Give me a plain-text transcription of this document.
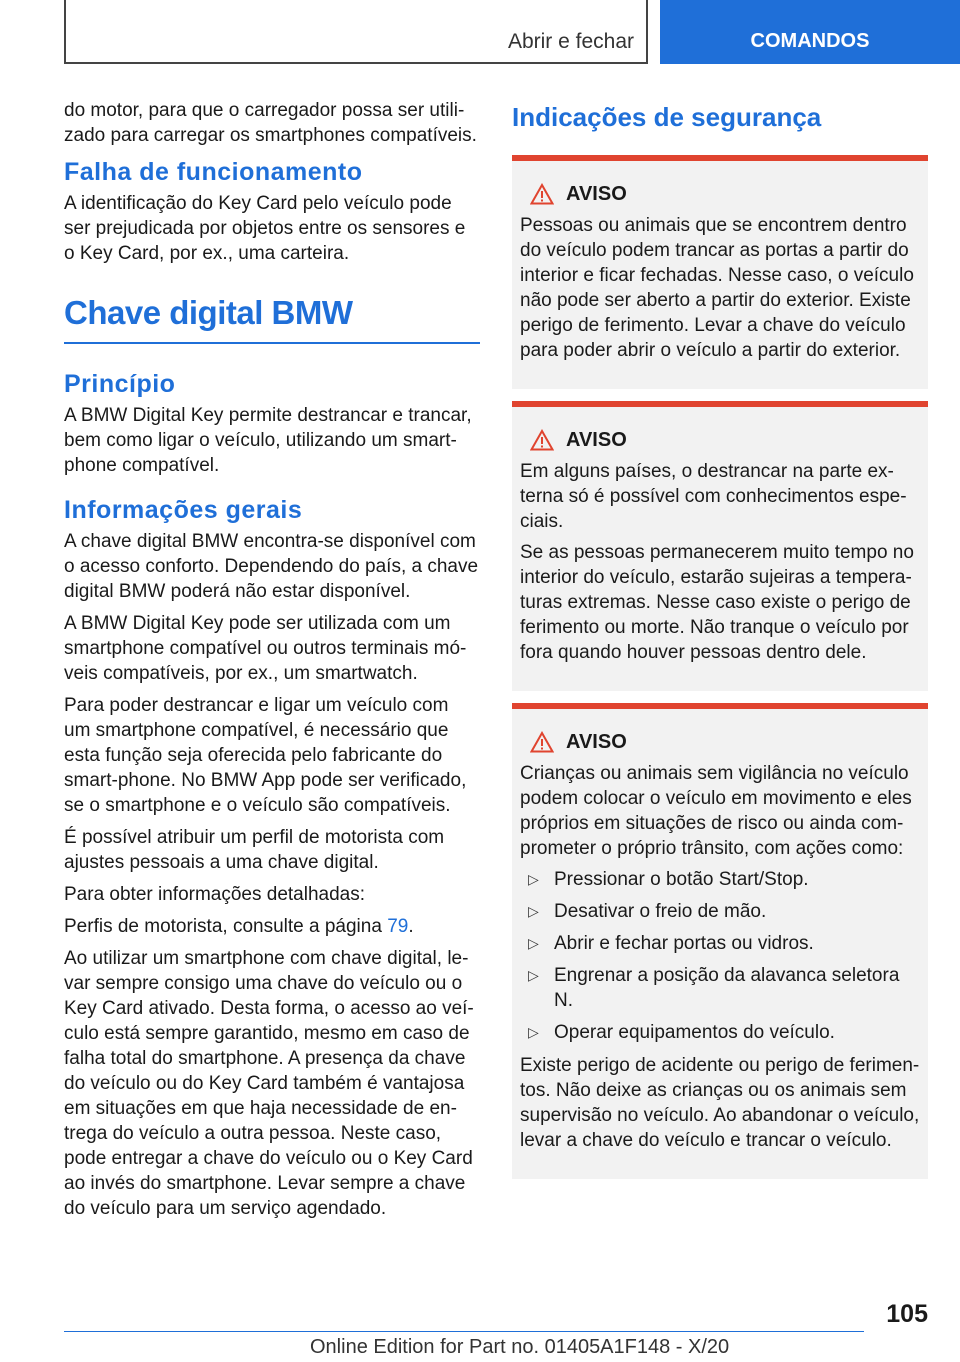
Abrir e fechar	COMANDOS

do motor, para que o carregador possa ser utili-zado para carregar os smartphones compatíveis.

Falha de funcionamento

A identificação do Key Card pelo veículo pode ser prejudicada por objetos entre os sensores e o Key Card, por ex., uma carteira.

Chave digital BMW
Princípio

A BMW Digital Key permite destrancar e trancar, bem como ligar o veículo, utilizando um smart-phone compatível.

Informações gerais

A chave digital BMW encontra-se disponível com o acesso conforto. Dependendo do país, a chave digital BMW poderá não estar disponível.

A BMW Digital Key pode ser utilizada com um smartphone compatível ou outros terminais mó-veis compatíveis, por ex., um smartwatch.

Para poder destrancar e ligar um veículo com um smartphone compatível, é necessário que esta função seja oferecida pelo fabricante do smart-phone. No BMW App pode ser verificado, se o smartphone e o veículo são compatíveis.

É possível atribuir um perfil de motorista com ajustes pessoais a uma chave digital.

Para obter informações detalhadas:

Perfis de motorista, consulte a página 79.

Ao utilizar um smartphone com chave digital, le-var sempre consigo uma chave do veículo ou o Key Card ativado. Desta forma, o acesso ao veí-culo está sempre garantido, mesmo em caso de falha total do smartphone. A presença da chave do veículo ou do Key Card também é vantajosa em situações em que haja necessidade de en-trega do veículo a outra pessoa. Neste caso, pode entregar a chave do veículo ou o Key Card ao invés do smartphone. Levar sempre a chave do veículo para um serviço agendado.

Indicações de segurança
AVISO

Pessoas ou animais que se encontrem dentro do veículo podem trancar as portas a partir do interior e ficar fechadas. Nesse caso, o veículo não pode ser aberto a partir do exterior. Existe perigo de ferimento. Levar a chave do veículo para poder abrir o veículo a partir do exterior.

AVISO

Em alguns países, o destrancar na parte ex-terna só é possível com conhecimentos espe-ciais.

Se as pessoas permanecerem muito tempo no interior do veículo, estarão sujeiras a tempera-turas extremas. Nesse caso existe o perigo de ferimento ou morte. Não tranque o veículo por fora quando houver pessoas dentro dele.

AVISO

Crianças ou animais sem vigilância no veículo podem colocar o veículo em movimento e eles próprios em situações de risco ou ainda com-prometer o próprio trânsito, com ações como:

▷ Pressionar o botão Start/Stop.
▷ Desativar o freio de mão.
▷ Abrir e fechar portas ou vidros.
▷ Engrenar a posição da alavanca seletora N.
▷ Operar equipamentos do veículo.

Existe perigo de acidente ou perigo de ferimen-tos. Não deixe as crianças ou os animais sem supervisão no veículo. Ao abandonar o veículo, levar a chave do veículo e trancar o veículo.

105
Online Edition for Part no. 01405A1F148 - X/20
